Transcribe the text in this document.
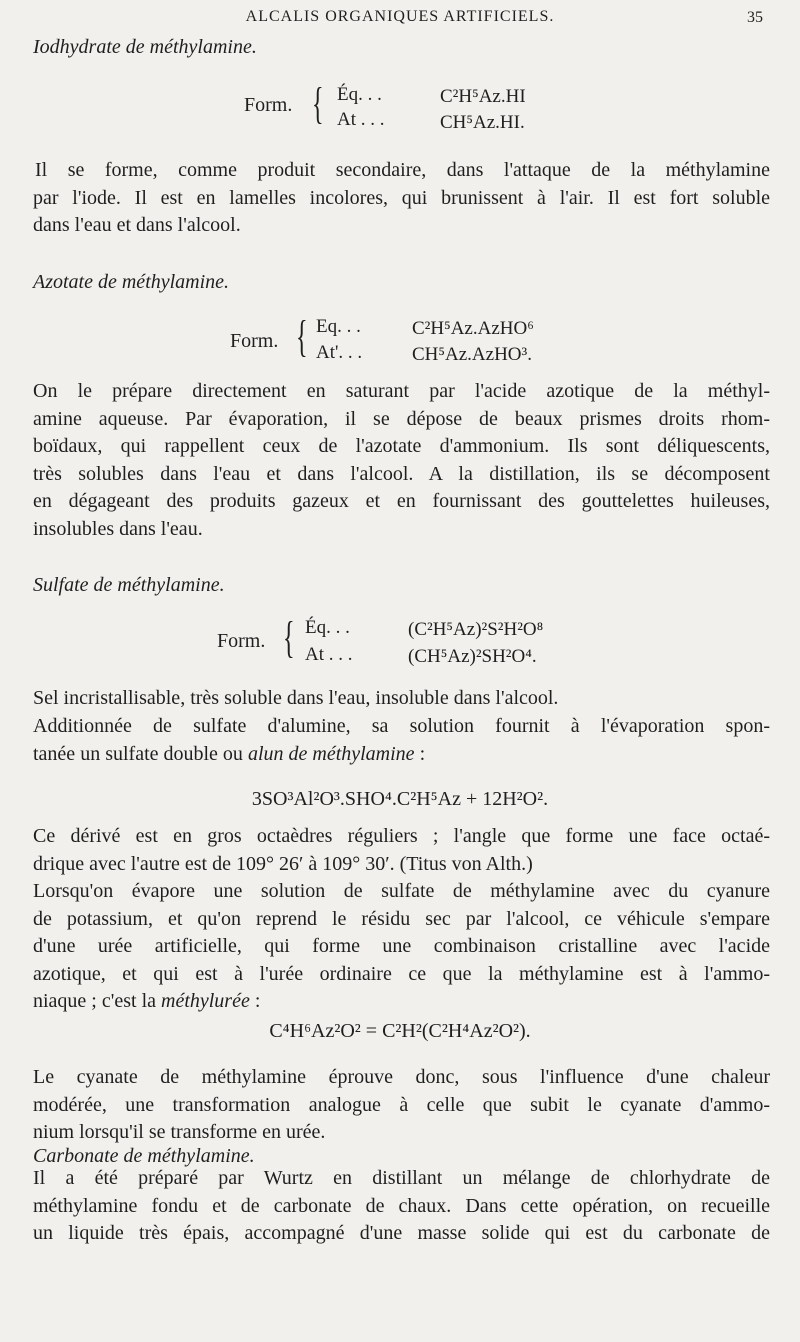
ALCALIS ORGANIQUES ARTIFICIELS.	35
Iodhydrate de méthylamine.
Form. { Éq. . .	C²H⁵Az.HI
At . . .	CH⁵Az.HI.
Il se forme, comme produit secondaire, dans l'attaque de la méthylamine
par l'iode. Il est en lamelles incolores, qui brunissent à l'air. Il est fort soluble
dans l'eau et dans l'alcool.
Azotate de méthylamine.
Form. { Eq. . .	C²H⁵Az.AzHO⁶
At'. . .	CH⁵Az.AzHO³.
On le prépare directement en saturant par l'acide azotique de la méthyl-
amine aqueuse. Par évaporation, il se dépose de beaux prismes droits rhom-
boïdaux, qui rappellent ceux de l'azotate d'ammonium. Ils sont déliquescents,
très solubles dans l'eau et dans l'alcool. A la distillation, ils se décomposent
en dégageant des produits gazeux et en fournissant des gouttelettes huileuses,
insolubles dans l'eau.
Sulfate de méthylamine.
Form. { Éq. . .	(C²H⁵Az)²S²H²O⁸
At . . .	(CH⁵Az)²SH²O⁴.
Sel incristallisable, très soluble dans l'eau, insoluble dans l'alcool.
Additionnée de sulfate d'alumine, sa solution fournit à l'évaporation spon-
tanée un sulfate double ou alun de méthylamine :
3SO³Al²O³.SHO⁴.C²H⁵Az + 12H²O².
Ce dérivé est en gros octaèdres réguliers ; l'angle que forme une face octaé-
drique avec l'autre est de 109° 26′ à 109° 30′. (Titus von Alth.)
Lorsqu'on évapore une solution de sulfate de méthylamine avec du cyanure
de potassium, et qu'on reprend le résidu sec par l'alcool, ce véhicule s'empare
d'une urée artificielle, qui forme une combinaison cristalline avec l'acide
azotique, et qui est à l'urée ordinaire ce que la méthylamine est à l'ammo-
niaque ; c'est la méthylurée :
C⁴H⁶Az²O² = C²H²(C²H⁴Az²O²).
Le cyanate de méthylamine éprouve donc, sous l'influence d'une chaleur
modérée, une transformation analogue à celle que subit le cyanate d'ammo-
nium lorsqu'il se transforme en urée.
Carbonate de méthylamine.
Il a été préparé par Wurtz en distillant un mélange de chlorhydrate de
méthylamine fondu et de carbonate de chaux. Dans cette opération, on recueille
un liquide très épais, accompagné d'une masse solide qui est du carbonate de
